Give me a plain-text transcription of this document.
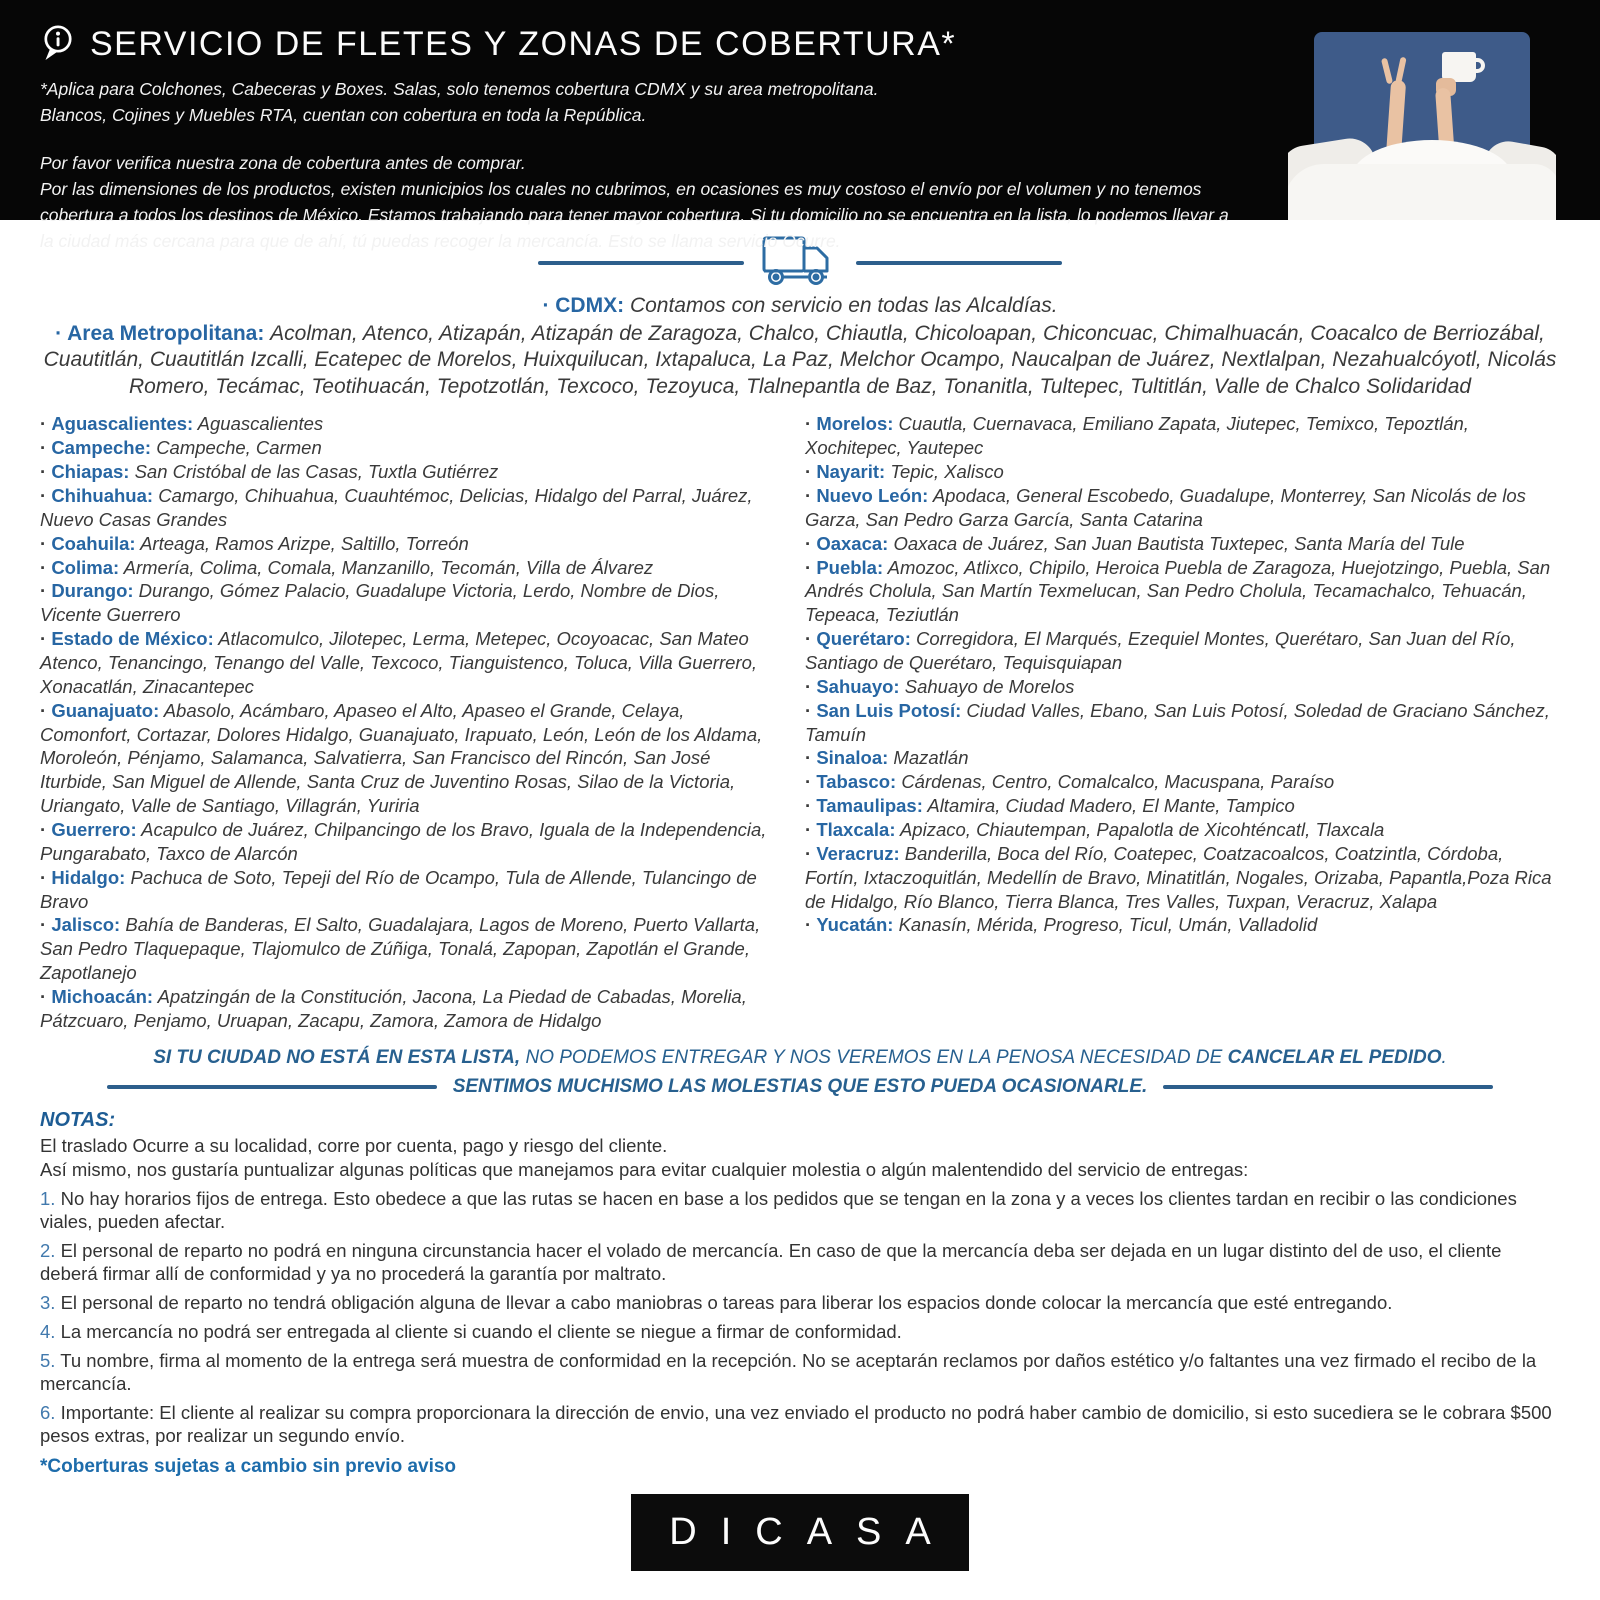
SERVICIO DE FLETES Y ZONAS DE COBERTURA*

*Aplica para Colchones, Cabeceras y Boxes. Salas, solo tenemos cobertura CDMX y su area metropolitana.
Blancos, Cojines y Muebles RTA, cuentan con cobertura en toda la República.

Por favor verifica nuestra zona de cobertura antes de comprar.
Por las dimensiones de los productos, existen municipios los cuales no cubrimos, en ocasiones es muy costoso el envío por el volumen y no tenemos cobertura a todos los destinos de México. Estamos trabajando para tener mayor cobertura. Si tu domicilio no se encuentra en la lista, lo podemos llevar a la ciudad más cercana para que de ahí, tú puedas recoger la mercancía. Esto se llama servicio Ocurre.

· CDMX: Contamos con servicio en todas las Alcaldías.

· Area Metropolitana: Acolman, Atenco, Atizapán, Atizapán de Zaragoza, Chalco, Chiautla, Chicoloapan, Chiconcuac, Chimalhuacán, Coacalco de Berriozábal, Cuautitlán, Cuautitlán Izcalli, Ecatepec de Morelos, Huixquilucan, Ixtapaluca, La Paz, Melchor Ocampo, Naucalpan de Juárez, Nextlalpan, Nezahualcóyotl, Nicolás Romero, Tecámac, Teotihuacán, Tepotzotlán, Texcoco, Tezoyuca, Tlalnepantla de Baz, Tonanitla, Tultepec, Tultitlán, Valle de Chalco Solidaridad

· Aguascalientes: Aguascalientes

· Campeche: Campeche, Carmen

· Chiapas: San Cristóbal de las Casas, Tuxtla Gutiérrez

· Chihuahua: Camargo, Chihuahua, Cuauhtémoc, Delicias, Hidalgo del Parral, Juárez, Nuevo Casas Grandes

· Coahuila: Arteaga, Ramos Arizpe, Saltillo, Torreón

· Colima: Armería, Colima, Comala, Manzanillo, Tecomán, Villa de Álvarez

· Durango: Durango, Gómez Palacio, Guadalupe Victoria, Lerdo, Nombre de Dios, Vicente Guerrero

· Estado de México: Atlacomulco, Jilotepec, Lerma, Metepec, Ocoyoacac, San Mateo Atenco, Tenancingo, Tenango del Valle, Texcoco, Tianguistenco, Toluca, Villa Guerrero, Xonacatlán, Zinacantepec

· Guanajuato: Abasolo, Acámbaro, Apaseo el Alto, Apaseo el Grande, Celaya, Comonfort, Cortazar, Dolores Hidalgo, Guanajuato, Irapuato, León, León de los Aldama, Moroleón, Pénjamo, Salamanca, Salvatierra, San Francisco del Rincón, San José Iturbide, San Miguel de Allende, Santa Cruz de Juventino Rosas, Silao de la Victoria, Uriangato, Valle de Santiago, Villagrán, Yuriria

· Guerrero: Acapulco de Juárez, Chilpancingo de los Bravo, Iguala de la Independencia, Pungarabato, Taxco de Alarcón

· Hidalgo: Pachuca de Soto, Tepeji del Río de Ocampo, Tula de Allende, Tulancingo de Bravo

· Jalisco: Bahía de Banderas, El Salto, Guadalajara, Lagos de Moreno, Puerto Vallarta, San Pedro Tlaquepaque, Tlajomulco de Zúñiga, Tonalá, Zapopan, Zapotlán el Grande, Zapotlanejo

· Michoacán: Apatzingán de la Constitución, Jacona, La Piedad de Cabadas, Morelia, Pátzcuaro, Penjamo, Uruapan, Zacapu, Zamora, Zamora de Hidalgo

· Morelos: Cuautla, Cuernavaca, Emiliano Zapata, Jiutepec, Temixco, Tepoztlán, Xochitepec, Yautepec

· Nayarit: Tepic, Xalisco

· Nuevo León: Apodaca, General Escobedo, Guadalupe, Monterrey, San Nicolás de los Garza, San Pedro Garza García, Santa Catarina

· Oaxaca: Oaxaca de Juárez, San Juan Bautista Tuxtepec, Santa María del Tule

· Puebla: Amozoc, Atlixco, Chipilo, Heroica Puebla de Zaragoza, Huejotzingo, Puebla, San Andrés Cholula, San Martín Texmelucan, San Pedro Cholula, Tecamachalco, Tehuacán, Tepeaca, Teziutlán

· Querétaro: Corregidora, El Marqués, Ezequiel Montes, Querétaro, San Juan del Río, Santiago de Querétaro, Tequisquiapan

· Sahuayo: Sahuayo de Morelos

· San Luis Potosí: Ciudad Valles, Ebano, San Luis Potosí, Soledad de Graciano Sánchez, Tamuín

· Sinaloa: Mazatlán

· Tabasco: Cárdenas, Centro, Comalcalco, Macuspana, Paraíso

· Tamaulipas: Altamira, Ciudad Madero, El Mante, Tampico

· Tlaxcala: Apizaco, Chiautempan, Papalotla de Xicohténcatl, Tlaxcala

· Veracruz: Banderilla, Boca del Río, Coatepec, Coatzacoalcos, Coatzintla, Córdoba, Fortín, Ixtaczoquitlán, Medellín de Bravo, Minatitlán, Nogales, Orizaba, Papantla,Poza Rica de Hidalgo, Río Blanco, Tierra Blanca, Tres Valles, Tuxpan, Veracruz, Xalapa

· Yucatán: Kanasín, Mérida, Progreso, Ticul, Umán, Valladolid

SI TU CIUDAD NO ESTÁ EN ESTA LISTA, NO PODEMOS ENTREGAR Y NOS VEREMOS EN LA PENOSA NECESIDAD DE CANCELAR EL PEDIDO.
SENTIMOS MUCHISMO LAS MOLESTIAS QUE ESTO PUEDA OCASIONARLE.
NOTAS:

El traslado Ocurre a su localidad, corre por cuenta, pago y riesgo del cliente.

Así mismo, nos gustaría puntualizar algunas políticas que manejamos para evitar cualquier molestia o algún malentendido del servicio de entregas:

1. No hay horarios fijos de entrega. Esto obedece a que las rutas se hacen en base a los pedidos que se tengan en la zona y a veces los clientes tardan en recibir o las condiciones viales, pueden afectar.

2. El personal de reparto no podrá en ninguna circunstancia hacer el volado de mercancía. En caso de que la mercancía deba ser dejada en un lugar distinto del de uso, el cliente deberá firmar allí de conformidad y ya no procederá la garantía por maltrato.

3. El personal de reparto no tendrá obligación alguna de llevar a cabo maniobras o tareas para liberar los espacios donde colocar la mercancía que esté entregando.

4. La mercancía no podrá ser entregada al cliente si cuando el cliente se niegue a firmar de conformidad.

5. Tu nombre, firma al momento de la entrega será muestra de conformidad en la recepción. No se aceptarán reclamos por daños estético y/o faltantes una vez firmado el recibo de la mercancía.

6. Importante: El cliente al realizar su compra proporcionara la dirección de envio, una vez enviado el producto no podrá haber cambio de domicilio, si esto sucediera se le cobrara $500 pesos extras, por realizar un segundo envío.

*Coberturas sujetas a cambio sin previo aviso
DICASA
